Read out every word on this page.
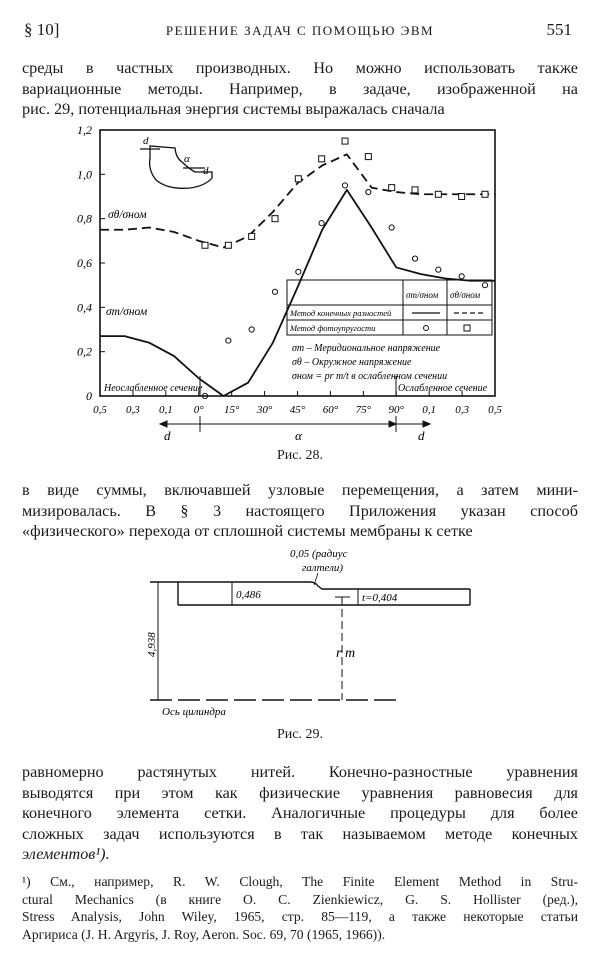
§ 10]	РЕШЕНИЕ ЗАДАЧ С ПОМОЩЬЮ ЭВМ	551
среды в частных производных. Но можно использовать также
вариационные методы. Например, в задаче, изображенной на
рис. 29, потенциальная энергия системы выражалась сначала
1,2
1,0
0,8
0,6
0,4
0,2
0
0,5 0,3 0,1 0° 15° 30° 45° 60° 75° 90° 0,1 0,3 0,5
d
α
d
σθ/σном
σm/σном
σm/σном σθ/σном
Метод конечных разностей
Метод фотоупругости
σm – Меридиональное напряжение
σθ – Окружное напряжение
σном = pr m/t в ослабленном сечении
Неослабленное сечение	Ослабленное сечение
d	α	d
Рис. 28.
в виде суммы, включавшей узловые перемещения, а затем мини-
мизировалась. В § 3 настоящего Приложения указан способ
«физического» перехода от сплошной системы мембраны к сетке
0,05 (радиус
галтели)
0,486	t=0,404
4,938	r m
Ось цилиндра
Рис. 29.
равномерно растянутых нитей. Конечно-разностные уравнения
выводятся при этом как физические уравнения равновесия для
конечного элемента сетки. Аналогичные процедуры для более
сложных задач используются в так называемом методе конечных
элементов¹).
¹) См., например, R. W. Clough, The Finite Element Method in Stru-
ctural Mechanics (в книге O. C. Zienkiewicz, G. S. Hollister (ред.),
Stress Analysis, John Wiley, 1965, стр. 85—119, а также некоторые статьи
Аргириса (J. H. Argyris, J. Roy, Aeron. Soc. 69, 70 (1965, 1966)).
